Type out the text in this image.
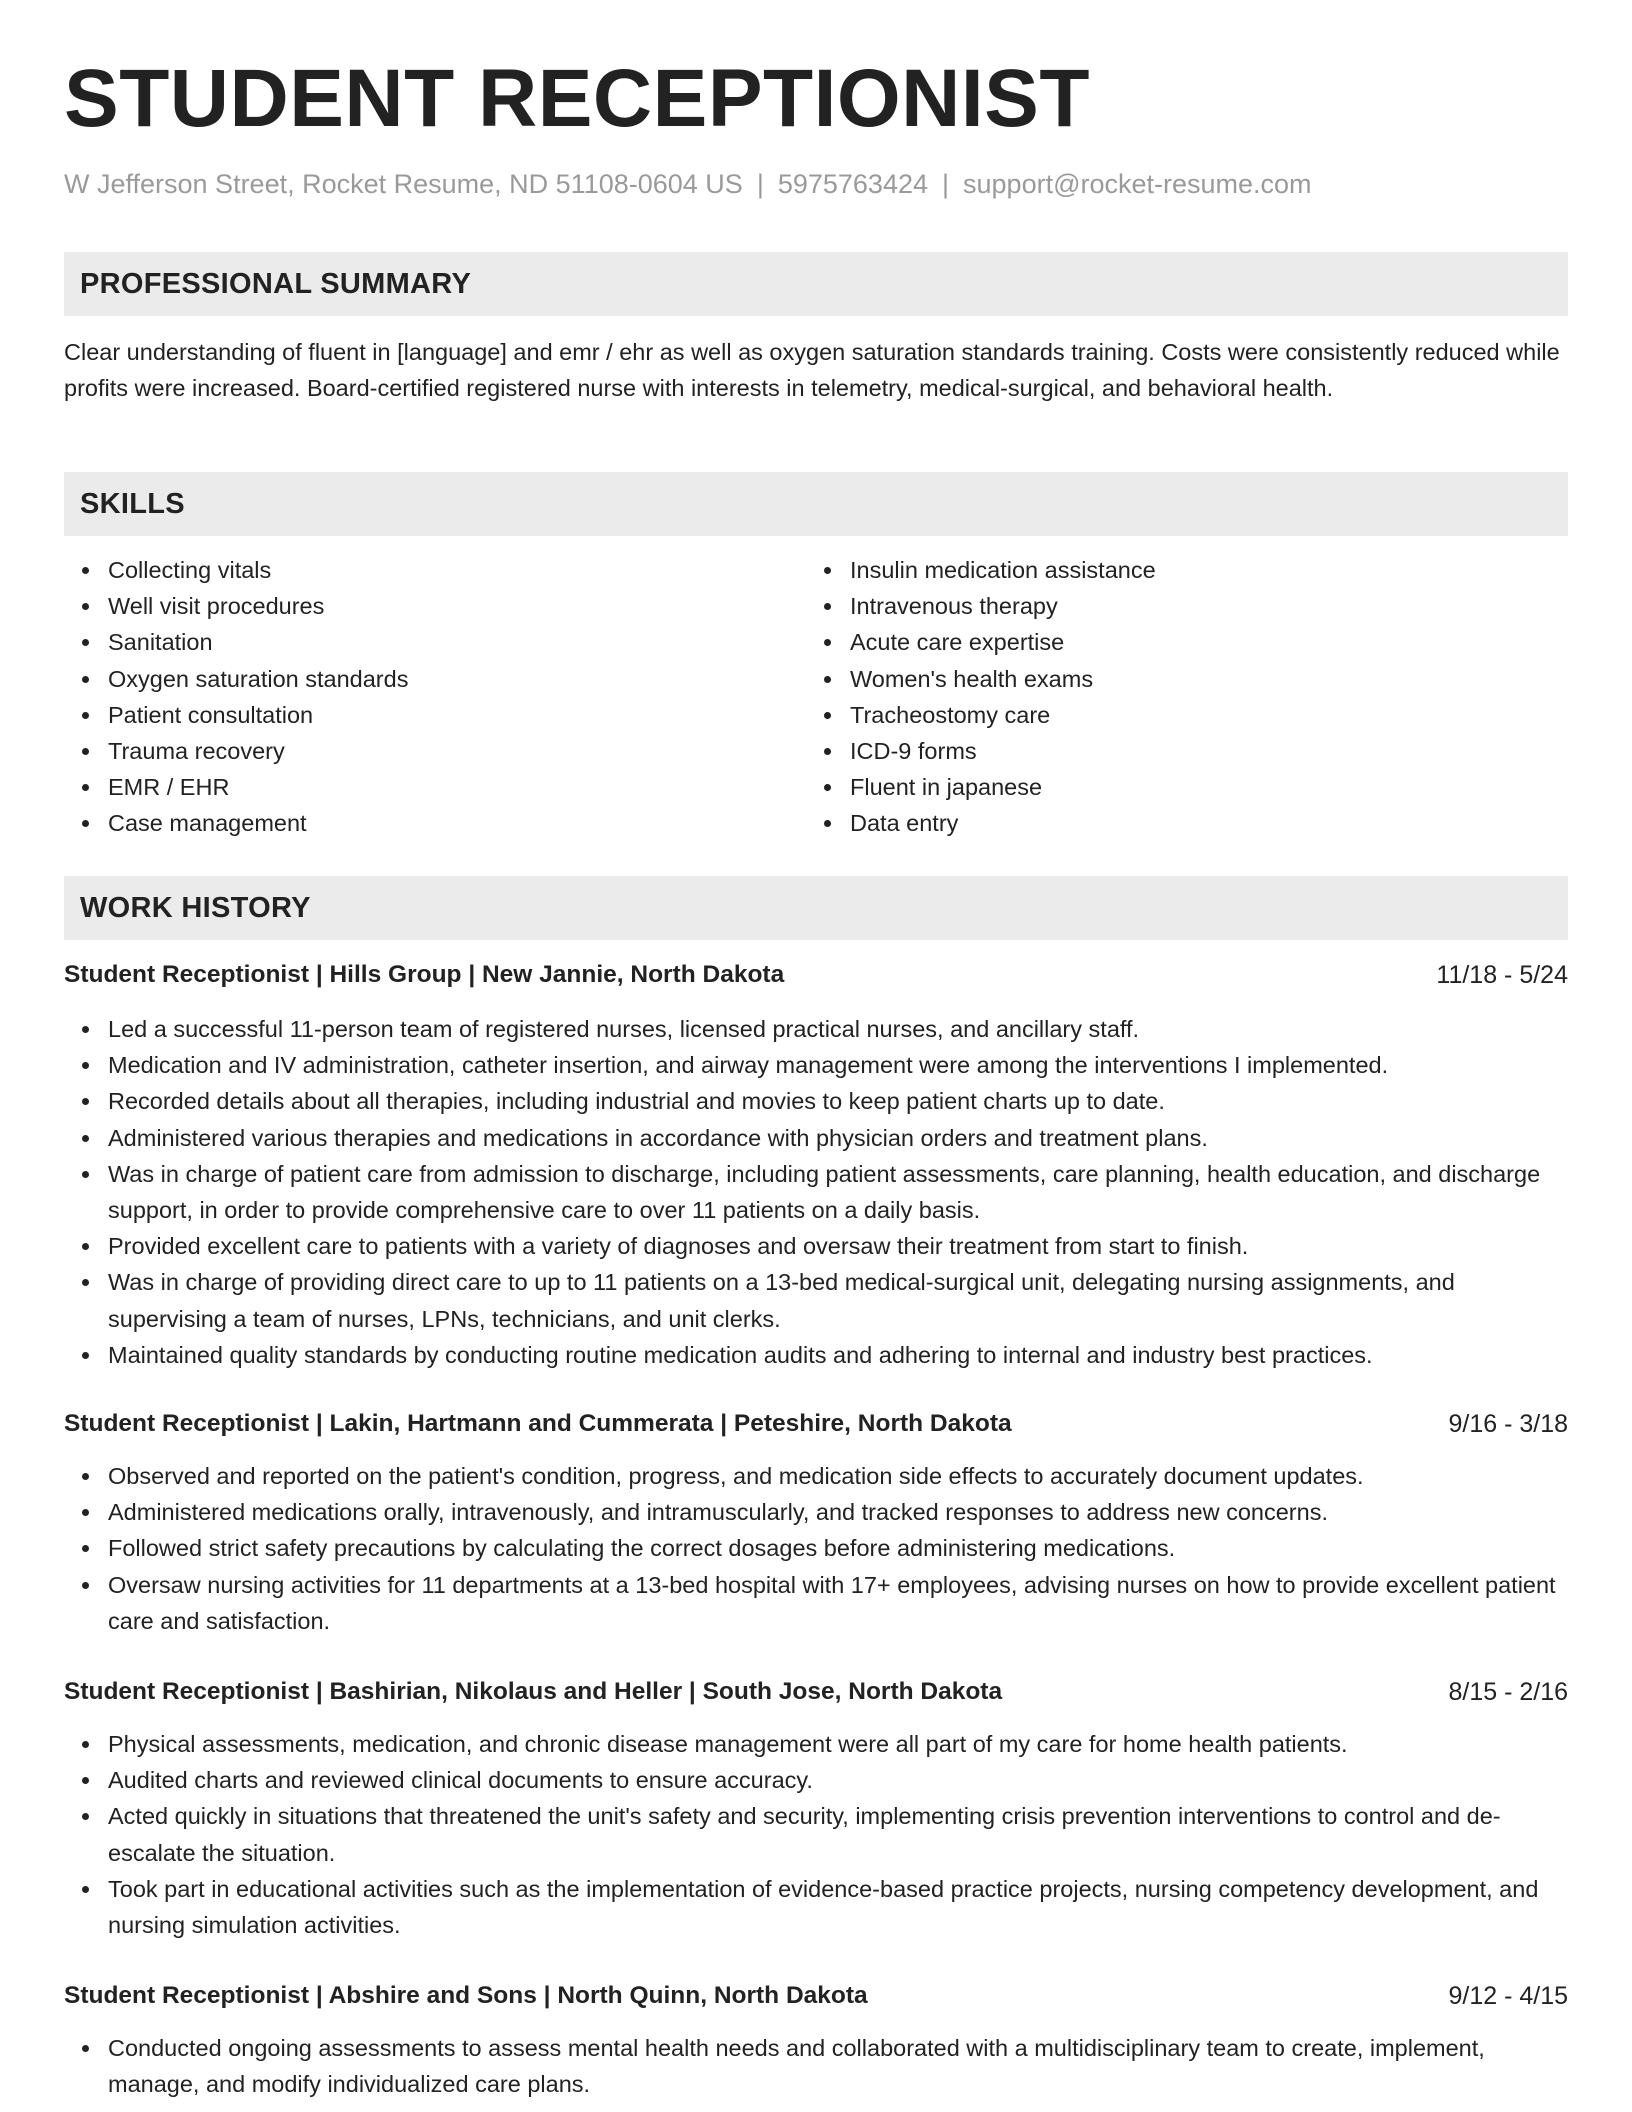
STUDENT RECEPTIONIST
W Jefferson Street, Rocket Resume, ND 51108-0604 US | 5975763424 | support@rocket-resume.com
PROFESSIONAL SUMMARY

Clear understanding of fluent in [language] and emr / ehr as well as oxygen saturation standards training. Costs were consistently reduced while profits were increased. Board-certified registered nurse with interests in telemetry, medical-surgical, and behavioral health.

SKILLS
Collecting vitals
Well visit procedures
Sanitation
Oxygen saturation standards
Patient consultation
Trauma recovery
EMR / EHR
Case management
Insulin medication assistance
Intravenous therapy
Acute care expertise
Women's health exams
Tracheostomy care
ICD-9 forms
Fluent in japanese
Data entry
WORK HISTORY
Student Receptionist | Hills Group | New Jannie, North Dakota	11/18 - 5/24
Led a successful 11-person team of registered nurses, licensed practical nurses, and ancillary staff.
Medication and IV administration, catheter insertion, and airway management were among the interventions I implemented.
Recorded details about all therapies, including industrial and movies to keep patient charts up to date.
Administered various therapies and medications in accordance with physician orders and treatment plans.
Was in charge of patient care from admission to discharge, including patient assessments, care planning, health education, and discharge support, in order to provide comprehensive care to over 11 patients on a daily basis.
Provided excellent care to patients with a variety of diagnoses and oversaw their treatment from start to finish.
Was in charge of providing direct care to up to 11 patients on a 13-bed medical-surgical unit, delegating nursing assignments, and supervising a team of nurses, LPNs, technicians, and unit clerks.
Maintained quality standards by conducting routine medication audits and adhering to internal and industry best practices.
Student Receptionist | Lakin, Hartmann and Cummerata | Peteshire, North Dakota	9/16 - 3/18
Observed and reported on the patient's condition, progress, and medication side effects to accurately document updates.
Administered medications orally, intravenously, and intramuscularly, and tracked responses to address new concerns.
Followed strict safety precautions by calculating the correct dosages before administering medications.
Oversaw nursing activities for 11 departments at a 13-bed hospital with 17+ employees, advising nurses on how to provide excellent patient care and satisfaction.
Student Receptionist | Bashirian, Nikolaus and Heller | South Jose, North Dakota	8/15 - 2/16
Physical assessments, medication, and chronic disease management were all part of my care for home health patients.
Audited charts and reviewed clinical documents to ensure accuracy.
Acted quickly in situations that threatened the unit's safety and security, implementing crisis prevention interventions to control and de-escalate the situation.
Took part in educational activities such as the implementation of evidence-based practice projects, nursing competency development, and nursing simulation activities.
Student Receptionist | Abshire and Sons | North Quinn, North Dakota	9/12 - 4/15
Conducted ongoing assessments to assess mental health needs and collaborated with a multidisciplinary team to create, implement, manage, and modify individualized care plans.
